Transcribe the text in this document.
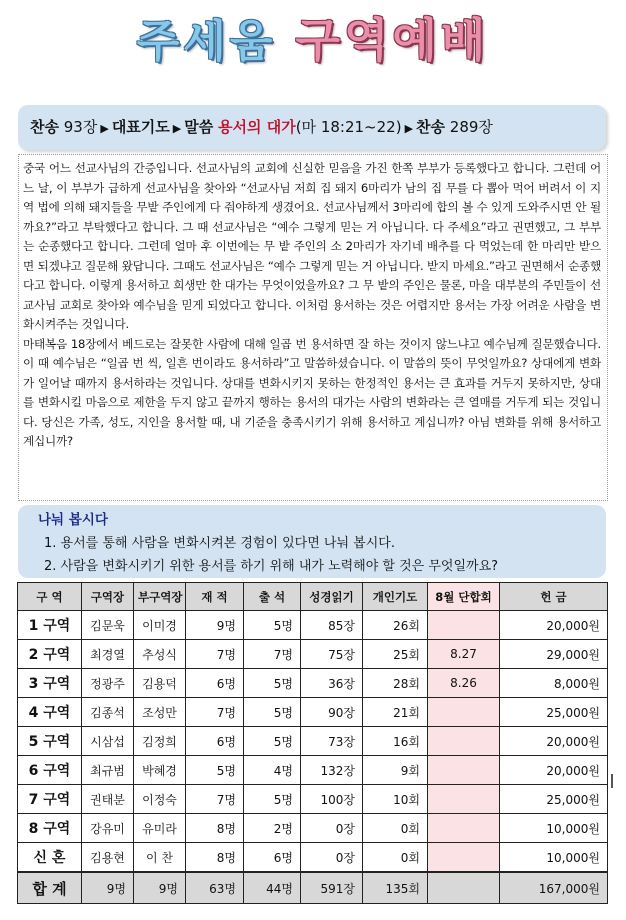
주세움 구역예배
찬송 93장 ▶ 대표기도 ▶ 말씀 용서의 대가(마 18:21~22) ▶ 찬송 289장

중국 어느 선교사님의 간증입니다. 선교사님의 교회에 신실한 믿음을 가진 한쪽 부부가 등록했다고 합니다. 그런데 어느 날, 이 부부가 급하게 선교사님을 찾아와 “선교사님 저희 집 돼지 6마리가 남의 집 무를 다 뽑아 먹어 버려서 이 지역 법에 의해 돼지들을 무밭 주인에게 다 줘야하게 생겼어요. 선교사님께서 3마리에 합의 볼 수 있게 도와주시면 안 될까요?”라고 부탁했다고 합니다. 그 때 선교사님은 “예수 그렇게 믿는 거 아닙니다. 다 주세요”라고 권면했고, 그 부부는 순종했다고 합니다. 그런데 얼마 후 이번에는 무 밭 주인의 소 2마리가 자기네 배추를 다 먹었는데 한 마리만 받으면 되겠냐고 질문해 왔답니다. 그때도 선교사님은 “예수 그렇게 믿는 거 아닙니다. 받지 마세요.”라고 권면해서 순종했다고 합니다. 이렇게 용서하고 희생만 한 대가는 무엇이었을까요? 그 무 밭의 주인은 물론, 마을 대부분의 주민들이 선교사님 교회로 찾아와 예수님을 믿게 되었다고 합니다. 이처럼 용서하는 것은 어렵지만 용서는 가장 어려운 사람을 변화시켜주는 것입니다.

마태복음 18장에서 베드로는 잘못한 사람에 대해 일곱 번 용서하면 잘 하는 것이지 않느냐고 예수님께 질문했습니다. 이 때 예수님은 “일곱 번 씩, 일흔 번이라도 용서하라”고 말씀하셨습니다. 이 말씀의 뜻이 무엇일까요? 상대에게 변화가 일어날 때까지 용서하라는 것입니다. 상대를 변화시키지 못하는 한정적인 용서는 큰 효과를 거두지 못하지만, 상대를 변화시킬 마음으로 제한을 두지 않고 끝까지 행하는 용서의 대가는 사람의 변화라는 큰 열매를 거두게 되는 것입니다. 당신은 가족, 성도, 지인을 용서할 때, 내 기준을 충족시키기 위해 용서하고 계십니까? 아님 변화를 위해 용서하고 계십니까?

나눠 봅시다
1. 용서를 통해 사람을 변화시켜본 경험이 있다면 나눠 봅시다.
2. 사람을 변화시키기 위한 용서를 하기 위해 내가 노력해야 할 것은 무엇일까요?
구 역	구역장	부구역장	재 적	출 석	성경읽기	개인기도	8월 단합회	헌 금
1 구역	김문욱	이미경	9명	5명	85장	26회		20,000원
2 구역	최경열	추성식	7명	7명	75장	25회	8.27	29,000원
3 구역	정광주	김용덕	6명	5명	36장	28회	8.26	8,000원
4 구역	김종석	조성만	7명	5명	90장	21회		25,000원
5 구역	시삼섭	김정희	6명	5명	73장	16회		20,000원
6 구역	최규범	박혜경	5명	4명	132장	9회		20,000원
7 구역	권태분	이정숙	7명	5명	100장	10회		25,000원
8 구역	강유미	유미라	8명	2명	0장	0회		10,000원
신 혼	김용현	이 찬	8명	6명	0장	0회		10,000원
합 계	9명	9명	63명	44명	591장	135회		167,000원
